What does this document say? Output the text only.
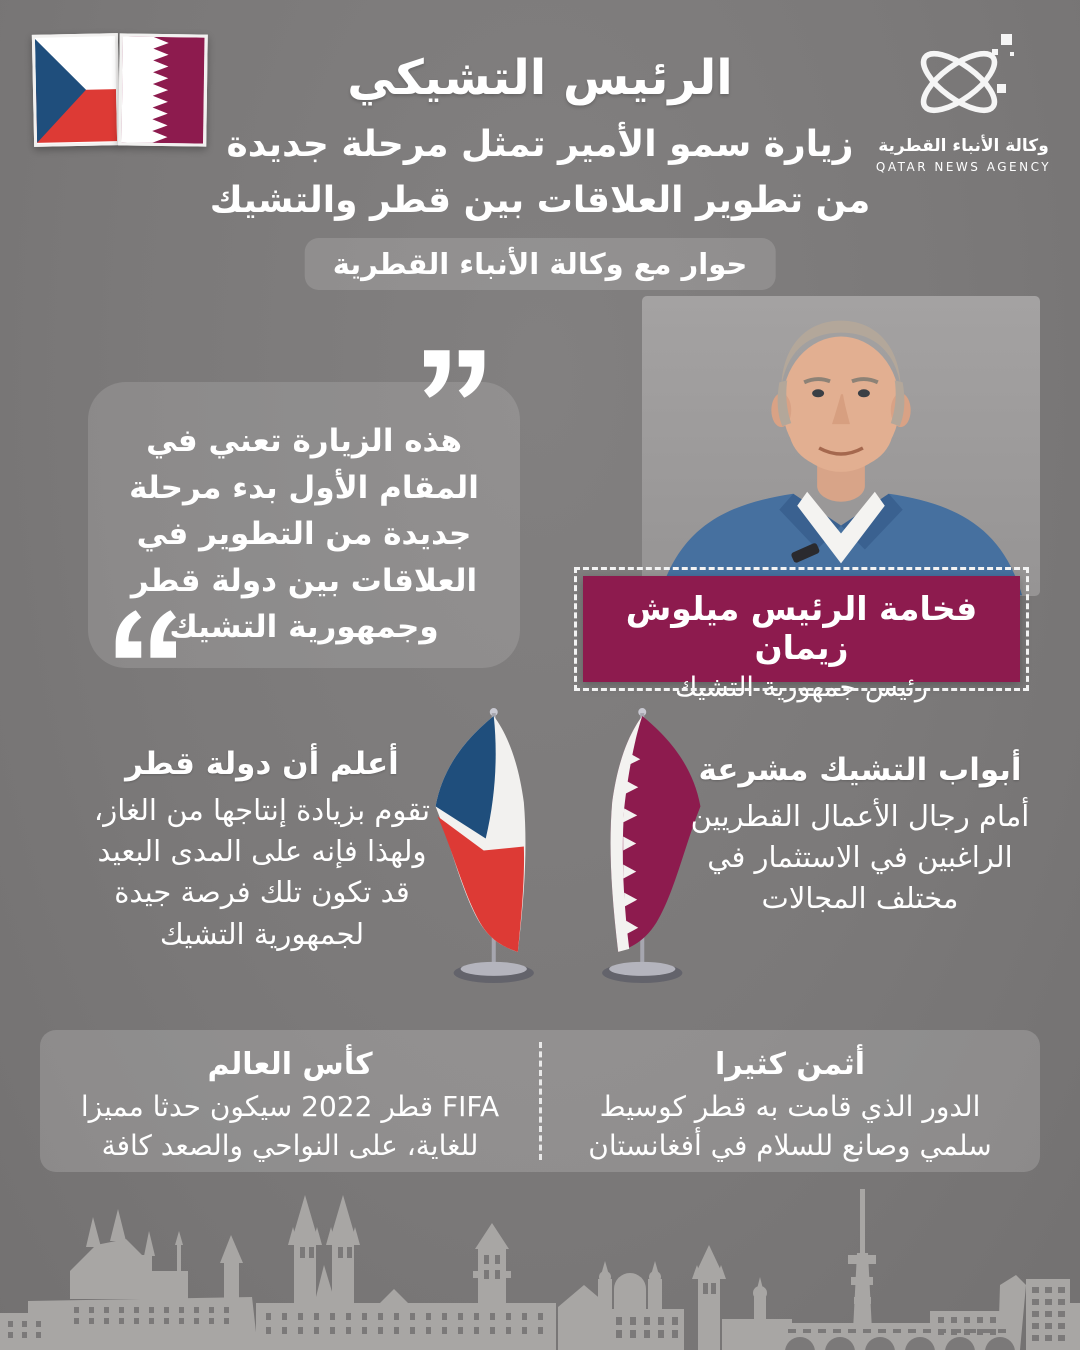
وكالة الأنباء القطرية
QATAR NEWS AGENCY
الرئيس التشيكي
زيارة سمو الأمير تمثل مرحلة جديدة
من تطوير العلاقات بين قطر والتشيك
حوار مع وكالة الأنباء القطرية
هذه الزيارة تعني في المقام الأول بدء مرحلة جديدة من التطوير في العلاقات بين دولة قطر وجمهورية التشيك	فخامة الرئيس ميلوش زيمان
رئيس جمهورية التشيك
أعلم أن دولة قطر
تقوم بزيادة إنتاجها من الغاز، ولهذا فإنه على المدى البعيد قد تكون تلك فرصة جيدة لجمهورية التشيك
أبواب التشيك مشرعة
أمام رجال الأعمال القطريين الراغبين في الاستثمار في مختلف المجالات
أثمن كثيرا
الدور الذي قامت به قطر كوسيط سلمي وصانع للسلام في أفغانستان
كأس العالم
FIFA قطر 2022 سيكون حدثا مميزا للغاية، على النواحي والصعد كافة
